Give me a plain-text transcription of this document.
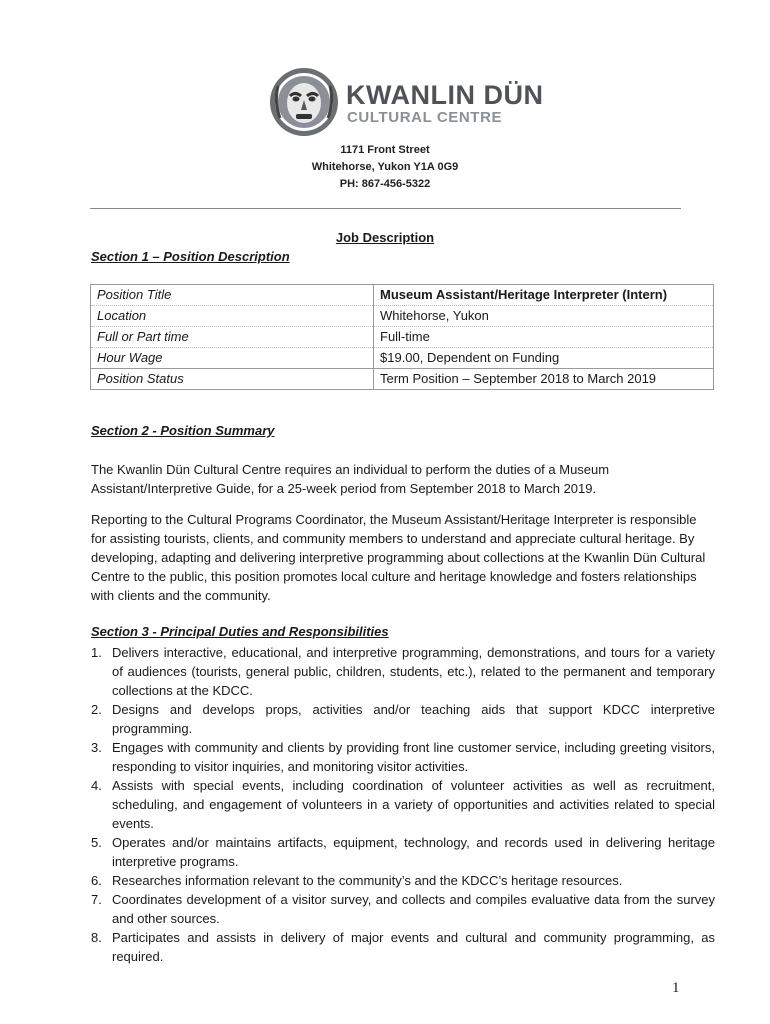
KWANLIN DÜN
CULTURAL CENTRE
1171 Front Street
Whitehorse, Yukon Y1A 0G9
PH: 867-456-5322
Job Description
Section 1 – Position Description
Position Title	Museum Assistant/Heritage Interpreter (Intern)
Location	Whitehorse, Yukon
Full or Part time	Full-time
Hour Wage	$19.00, Dependent on Funding
Position Status	Term Position – September 2018 to March 2019
Section 2 - Position Summary
The Kwanlin Dün Cultural Centre requires an individual to perform the duties of a Museum Assistant/Interpretive Guide, for a 25-week period from September 2018 to March 2019.
Reporting to the Cultural Programs Coordinator, the Museum Assistant/Heritage Interpreter is responsible for assisting tourists, clients, and community members to understand and appreciate cultural heritage. By developing, adapting and delivering interpretive programming about collections at the Kwanlin Dün Cultural Centre to the public, this position promotes local culture and heritage knowledge and fosters relationships with clients and the community.
Section 3 - Principal Duties and Responsibilities
1. Delivers interactive, educational, and interpretive programming, demonstrations, and tours for a variety of audiences (tourists, general public, children, students, etc.), related to the permanent and temporary collections at the KDCC.
2. Designs and develops props, activities and/or teaching aids that support KDCC interpretive programming.
3. Engages with community and clients by providing front line customer service, including greeting visitors, responding to visitor inquiries, and monitoring visitor activities.
4. Assists with special events, including coordination of volunteer activities as well as recruitment, scheduling, and engagement of volunteers in a variety of opportunities and activities related to special events.
5. Operates and/or maintains artifacts, equipment, technology, and records used in delivering heritage interpretive programs.
6. Researches information relevant to the community’s and the KDCC’s heritage resources.
7. Coordinates development of a visitor survey, and collects and compiles evaluative data from the survey and other sources.
8. Participates and assists in delivery of major events and cultural and community programming, as required.
1
